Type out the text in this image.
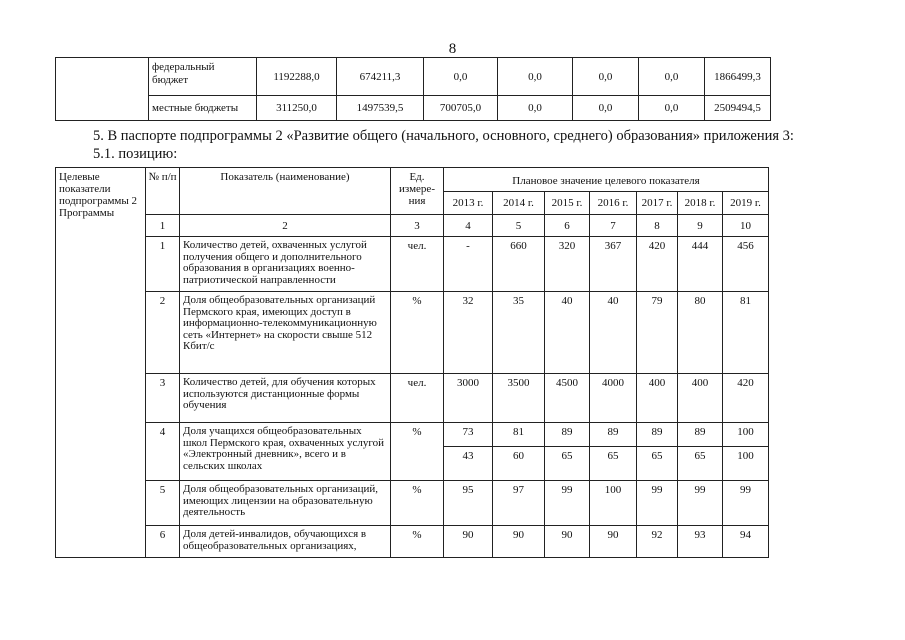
8
	федеральный бюджет	1192288,0	674211,3	0,0	0,0	0,0	0,0	1866499,3
	местные бюджеты	311250,0	1497539,5	700705,0	0,0	0,0	0,0	2509494,5
5. В паспорте подпрограммы 2 «Развитие общего (начального, основного, среднего) образования» приложения 3:
5.1. позицию:
Целевые показатели подпрограммы 2 Программы	№ п/п	Показатель (наименование)	Ед. измере-ния	Плановое значение целевого показателя						
				2013 г.	2014 г.	2015 г.	2016 г.	2017 г.	2018 г.	2019 г.
	1	2	3	4	5	6	7	8	9	10
	1	Количество детей, охваченных услугой получения общего и дополнительного образования в организациях военно-патриотической направленности	чел.	-	660	320	367	420	444	456
	2	Доля общеобразовательных организаций Пермского края, имеющих доступ в информационно-телекоммуникационную сеть «Интернет» на скорости свыше 512 Кбит/с	%	32	35	40	40	79	80	81
	3	Количество детей, для обучения которых используются дистанционные формы обучения	чел.	3000	3500	4500	4000	400	400	420
	4	Доля учащихся общеобразовательных школ Пермского края, охваченных услугой «Электронный дневник», всего и в сельских школах	%	73	81	89	89	89	89	100
				43	60	65	65	65	65	100
	5	Доля общеобразовательных организаций, имеющих лицензии на образовательную деятельность	%	95	97	99	100	99	99	99
	6	Доля детей-инвалидов, обучающихся в общеобразовательных организациях,	%	90	90	90	90	92	93	94
